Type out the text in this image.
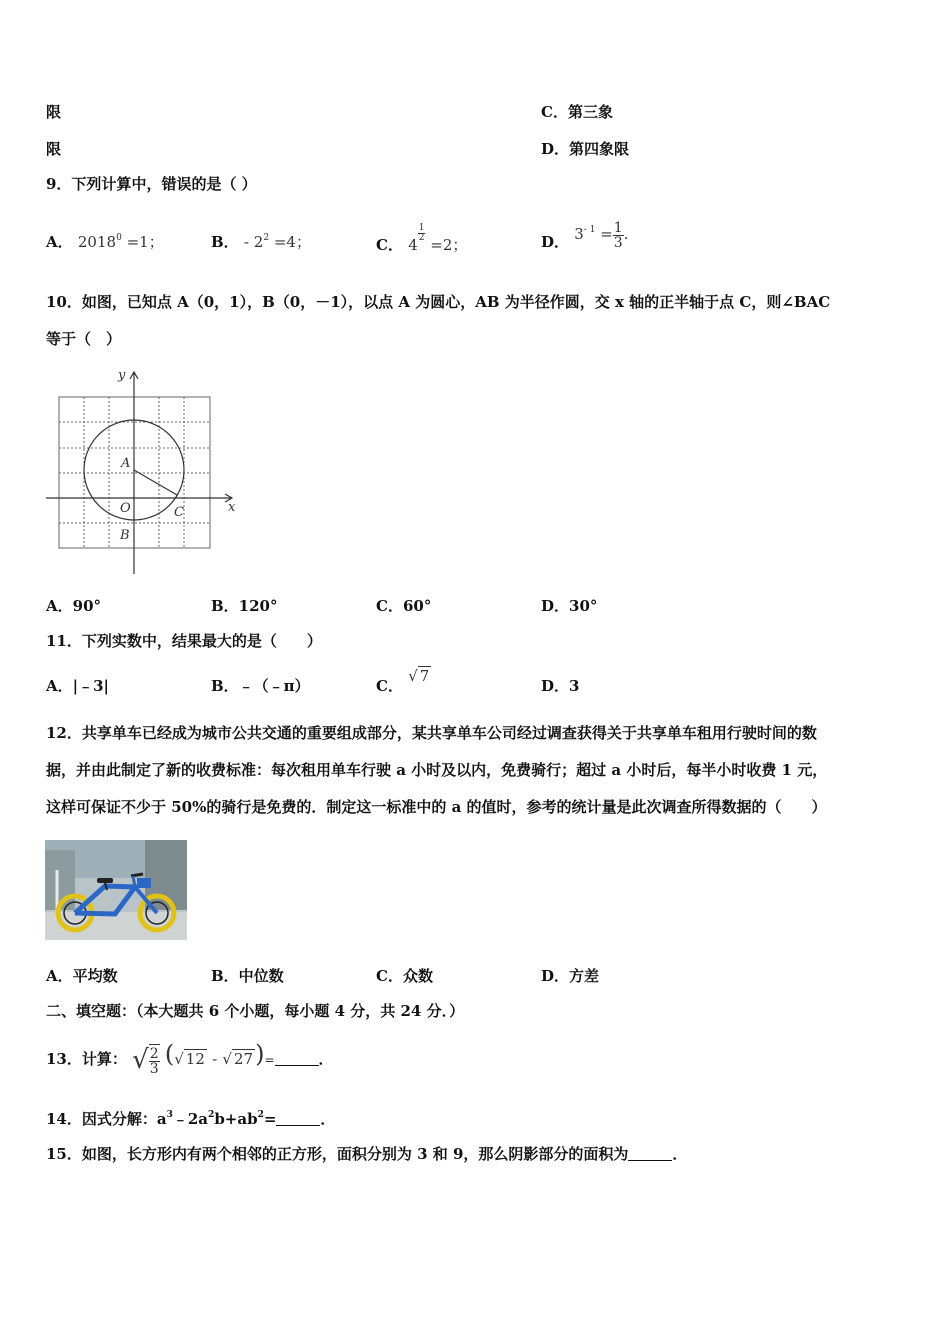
限	C．第三象
限	D．第四象限
9．下列计算中，错误的是（ ）
A． $2018^0 =1$；	B． - $2^2 =4$；	C． 4
$\frac{1}{2}$
=2；	D． $3^{- 1} = \frac{1}{3}$ .
10．如图，已知点 A（0，1），B（0，－1），以点 A 为圆心，AB 为半径作圆，交 x 轴的正半轴于点 C，则∠BAC
等于（　）
y
x
A
O
B
C
A．90°	B．120°	C．60°	D．30°
11．下列实数中，结果最大的是（　　）
A．|﹣3|	B．﹣（﹣π）	C． √ 7
D．3
12．共享单车已经成为城市公共交通的重要组成部分，某共享单车公司经过调查获得关于共享单车租用行驶时间的数
据，并由此制定了新的收费标准：每次租用单车行驶 a 小时及以内，免费骑行；超过 a 小时后，每半小时收费 1 元，
这样可保证不少于 50%的骑行是免费的．制定这一标准中的 a 的值时，参考的统计量是此次调查所得数据的（　　）
A．平均数	B．中位数	C．众数	D．方差
二、填空题：（本大题共 6 个小题，每小题 4 分，共 24 分．）
13．计算： √ $\frac{2}{3}$ (√ 12 - √ 27)=	．
14．因式分解：$a^3﹣2a^2b+ab^2=$	．
15．如图，长方形内有两个相邻的正方形，面积分别为 3 和 9，那么阴影部分的面积为	．
